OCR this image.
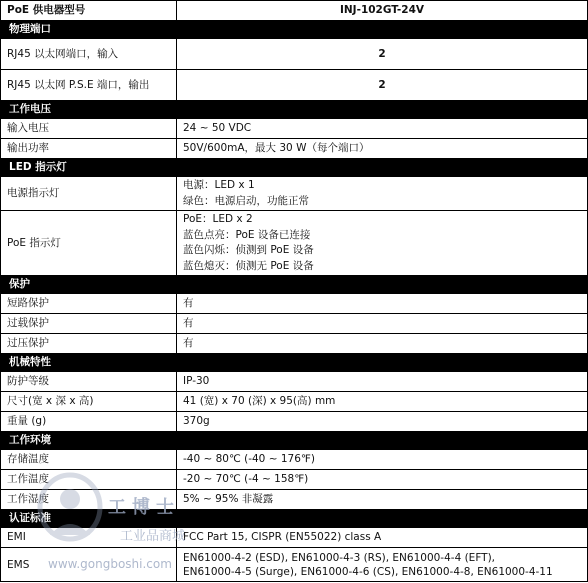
PoE 供电器型号	INJ-102GT-24V
物理端口	
RJ45 以太网端口，输入	2
RJ45 以太网 P.S.E 端口，输出	2
工作电压	
输入电压	24 ~ 50 VDC
输出功率	50V/600mA，最大 30 W（每个端口）
LED 指示灯	
电源指示灯	电源：LED x 1
绿色：电源启动，功能正常

PoE 指示灯	PoE：LED x 2
蓝色点亮：PoE 设备已连接
蓝色闪烁：侦测到 PoE 设备
蓝色熄灭：侦测无 PoE 设备

保护	
短路保护	有
过载保护	有
过压保护	有
机械特性	
防护等级	IP-30
尺寸(宽 x 深 x 高)	41 (宽) x 70 (深) x 95(高) mm
重量 (g)	370g
工作环境	
存储温度	-40 ~ 80℃ (-40 ~ 176℉)
工作温度	-20 ~ 70℃ (-4 ~ 158℉)
工作湿度	5% ~ 95% 非凝露
认证标准	
EMI	FCC Part 15, CISPR (EN55022) class A
EMS	EN61000-4-2 (ESD), EN61000-4-3 (RS), EN61000-4-4 (EFT),
EN61000-4-5 (Surge), EN61000-4-6 (CS), EN61000-4-8, EN61000-4-11
工博士
工业品商城
www.gongboshi.com
